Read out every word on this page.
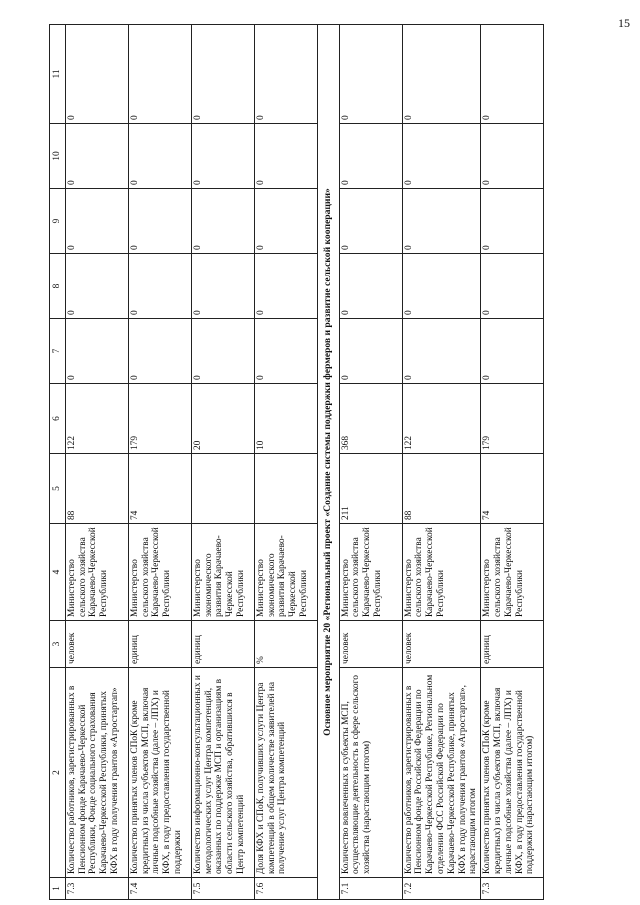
15
1	2	3	4	5	6	7	8	9	10	11
7.3	Количество работников, зарегистрированных в Пенсионном фонде Карачаево-Черкесской Республики, Фонде социального страхования Карачаево-Черкесской Республики, принятых КФХ в году получения грантов «Агростартап»	человек	Министерство сельского хозяйства Карачаево-Черкесской Республики	88	122	0	0	0	0	0
7.4	Количество принятых членов СПоК (кроме кредитных) из числа субъектов МСП, включая личные подсобные хозяйства (далее – ЛПХ) и КФХ, в году предоставления государственной поддержки	единиц	Министерство сельского хозяйства Карачаево-Черкесской Республики	74	179	0	0	0	0	0
7.5	Количество информационно-консультационных и методологических услуг Центра компетенций, оказанных по поддержке МСП и организациям в области сельского хозяйства, обратившихся в Центр компетенций	единиц	Министерство экономического развития Карачаево-Черкесской Республики		20	0	0	0	0	0
7.6	Доля КФХ и СПоК, получивших услуги Центра компетенций в общем количестве заявителей на получение услуг Центра компетенций	%	Министерство экономического развития Карачаево-Черкесской Республики		10	0	0	0	0	0
Основное мероприятие 20 «Региональный проект «Создание системы поддержки фермеров и развитие сельской кооперации»										
7.1	Количество вовлеченных в субъекты МСП, осуществляющие деятельность в сфере сельского хозяйства (нарастающим итогом)	человек	Министерство сельского хозяйства Карачаево-Черкесской Республики	211	368	0	0	0	0	0
7.2	Количество работников, зарегистрированных в Пенсионном фонде Российской Федерации по Карачаево-Черкесской Республике, Региональном отделении ФСС Российской Федерации по Карачаево-Черкесской Республике, принятых КФХ в году получения грантов «Агростартап», нарастающим итогом	человек	Министерство сельского хозяйства Карачаево-Черкесской Республики	88	122	0	0	0	0	0
7.3	Количество принятых членов СПоК (кроме кредитных) из числа субъектов МСП, включая личные подсобные хозяйства (далее – ЛПХ) и КФХ, в году предоставления государственной поддержки (нарастающим итогом)	единиц	Министерство сельского хозяйства Карачаево-Черкесской Республики	74	179	0	0	0	0	0
